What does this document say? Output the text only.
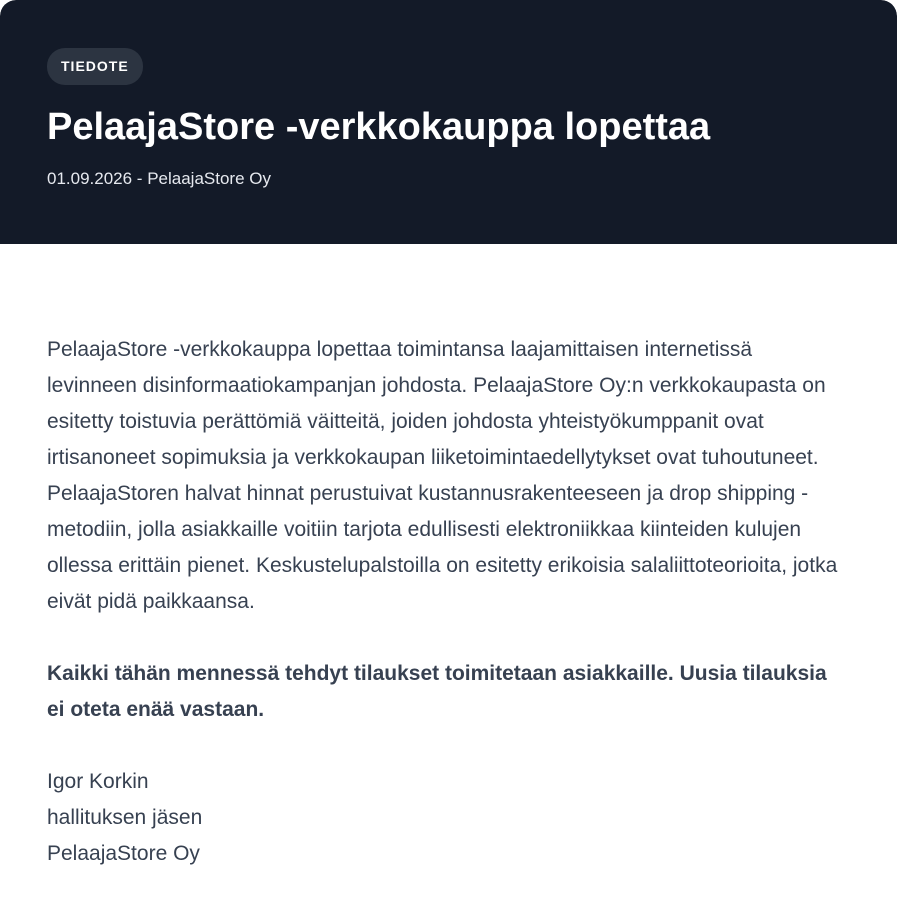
TIEDOTE
PelaajaStore -verkkokauppa lopettaa
01.09.2026 - PelaajaStore Oy

PelaajaStore -verkkokauppa lopettaa toimintansa laajamittaisen internetissä levinneen disinformaatiokampanjan johdosta. PelaajaStore Oy:n verkkokaupasta on esitetty toistuvia perättömiä väitteitä, joiden johdosta yhteistyökumppanit ovat irtisanoneet sopimuksia ja verkkokaupan liiketoimintaedellytykset ovat tuhoutuneet. PelaajaStoren halvat hinnat perustuivat kustannusrakenteeseen ja drop shipping -metodiin, jolla asiakkaille voitiin tarjota edullisesti elektroniikkaa kiinteiden kulujen ollessa erittäin pienet. Keskustelupalstoilla on esitetty erikoisia salaliittoteorioita, jotka eivät pidä paikkaansa.

Kaikki tähän mennessä tehdyt tilaukset toimitetaan asiakkaille. Uusia tilauksia ei oteta enää vastaan.

Igor Korkin
hallituksen jäsen
PelaajaStore Oy
